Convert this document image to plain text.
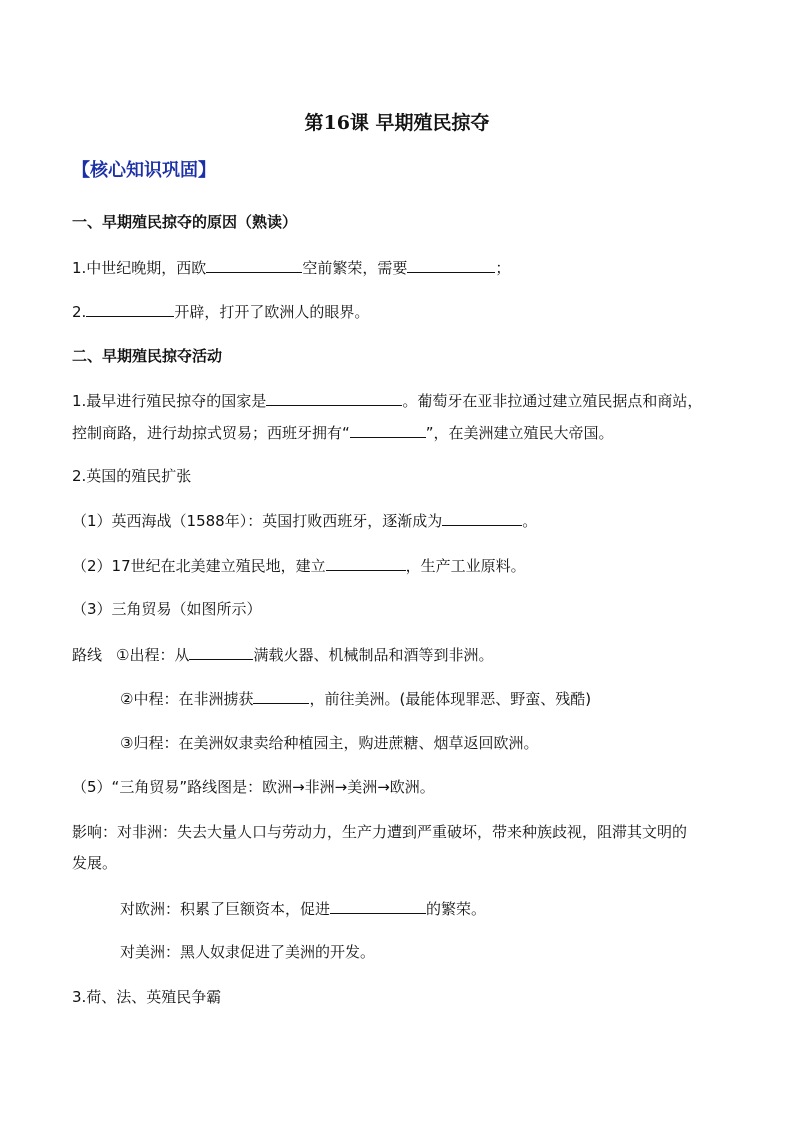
第16课 早期殖民掠夺
【核心知识巩固】
一、早期殖民掠夺的原因（熟读）
1.中世纪晚期，西欧	空前繁荣，需要	；
2.	开辟，打开了欧洲人的眼界。
二、早期殖民掠夺活动
1.最早进行殖民掠夺的国家是	。葡萄牙在亚非拉通过建立殖民据点和商站，
控制商路，进行劫掠式贸易；西班牙拥有“	”，在美洲建立殖民大帝国。
2.英国的殖民扩张
（1）英西海战（1588年）：英国打败西班牙，逐渐成为	。
（2）17世纪在北美建立殖民地，建立	，生产工业原料。
（3）三角贸易（如图所示）
路线 ①出程：从	满载火器、机械制品和酒等到非洲。
②中程：在非洲掳获	，前往美洲。(最能体现罪恶、野蛮、残酷)
③归程：在美洲奴隶卖给种植园主，购进蔗糖、烟草返回欧洲。
（5）“三角贸易”路线图是：欧洲→非洲→美洲→欧洲。
影响：对非洲：失去大量人口与劳动力，生产力遭到严重破坏，带来种族歧视，阻滞其文明的
发展。
对欧洲：积累了巨额资本，促进	的繁荣。
对美洲：黑人奴隶促进了美洲的开发。
3.荷、法、英殖民争霸
